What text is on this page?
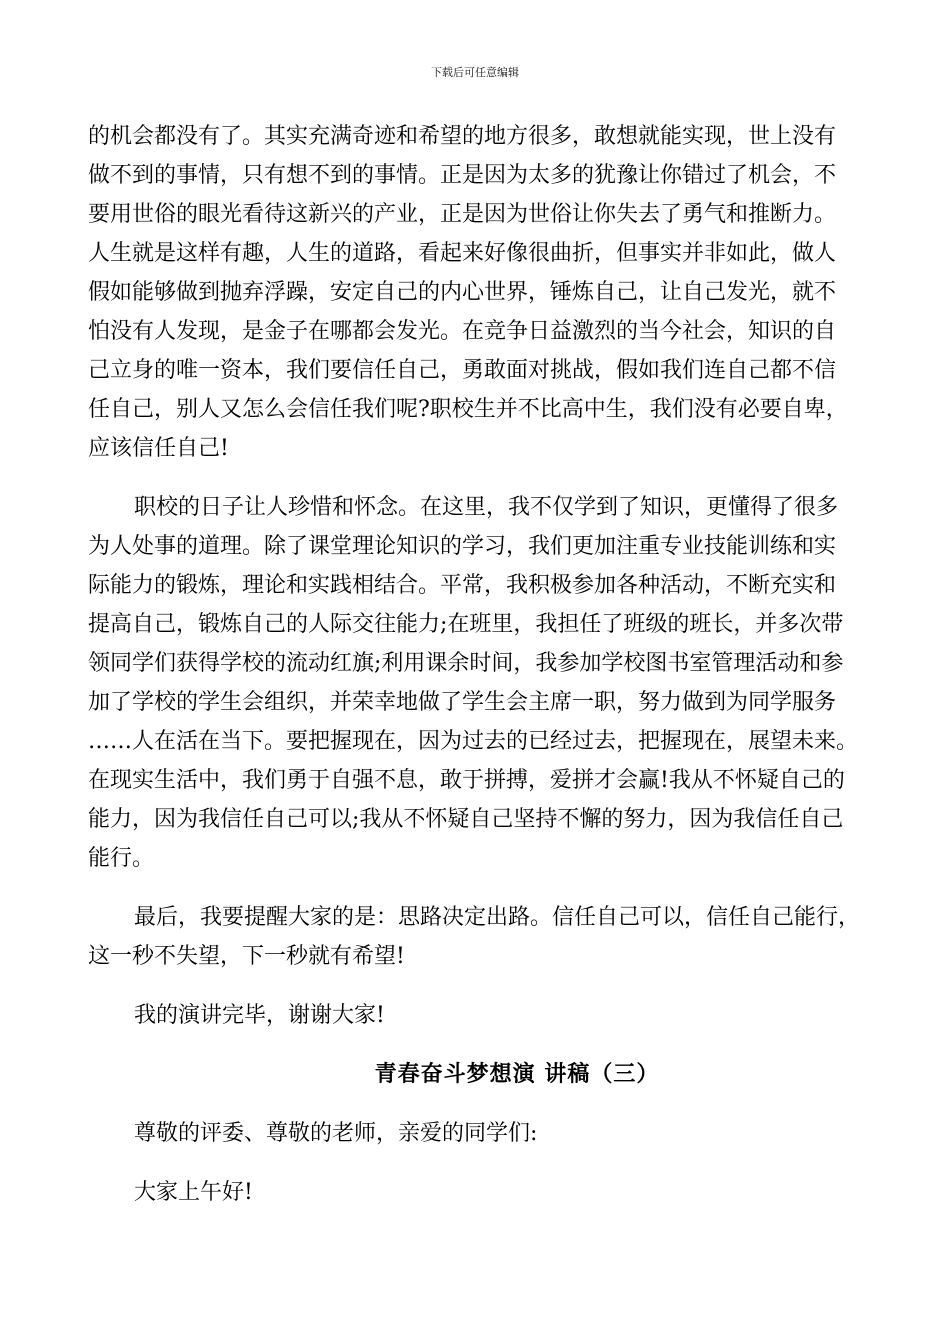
下载后可任意编辑

的机会都没有了。其实充满奇迹和希望的地方很多，敢想就能实现，世上没有
做不到的事情，只有想不到的事情。正是因为太多的犹豫让你错过了机会，不
要用世俗的眼光看待这新兴的产业，正是因为世俗让你失去了勇气和推断力。
人生就是这样有趣，人生的道路，看起来好像很曲折，但事实并非如此，做人
假如能够做到抛弃浮躁，安定自己的内心世界，锤炼自己，让自己发光，就不
怕没有人发现，是金子在哪都会发光。在竞争日益激烈的当今社会，知识的自
己立身的唯一资本，我们要信任自己，勇敢面对挑战，假如我们连自己都不信
任自己，别人又怎么会信任我们呢?职校生并不比高中生，我们没有必要自卑，
应该信任自己!

职校的日子让人珍惜和怀念。在这里，我不仅学到了知识，更懂得了很多
为人处事的道理。除了课堂理论知识的学习，我们更加注重专业技能训练和实
际能力的锻炼，理论和实践相结合。平常，我积极参加各种活动，不断充实和
提高自己，锻炼自己的人际交往能力;在班里，我担任了班级的班长，并多次带
领同学们获得学校的流动红旗;利用课余时间，我参加学校图书室管理活动和参
加了学校的学生会组织，并荣幸地做了学生会主席一职，努力做到为同学服务
……人在活在当下。要把握现在，因为过去的已经过去，把握现在，展望未来。
在现实生活中，我们勇于自强不息，敢于拼搏，爱拼才会赢!我从不怀疑自己的
能力，因为我信任自己可以;我从不怀疑自己坚持不懈的努力，因为我信任自己
能行。

最后，我要提醒大家的是：思路决定出路。信任自己可以，信任自己能行，
这一秒不失望，下一秒就有希望!

我的演讲完毕，谢谢大家!

青春奋斗梦想演 讲稿（三）

尊敬的评委、尊敬的老师，亲爱的同学们:

大家上午好!
